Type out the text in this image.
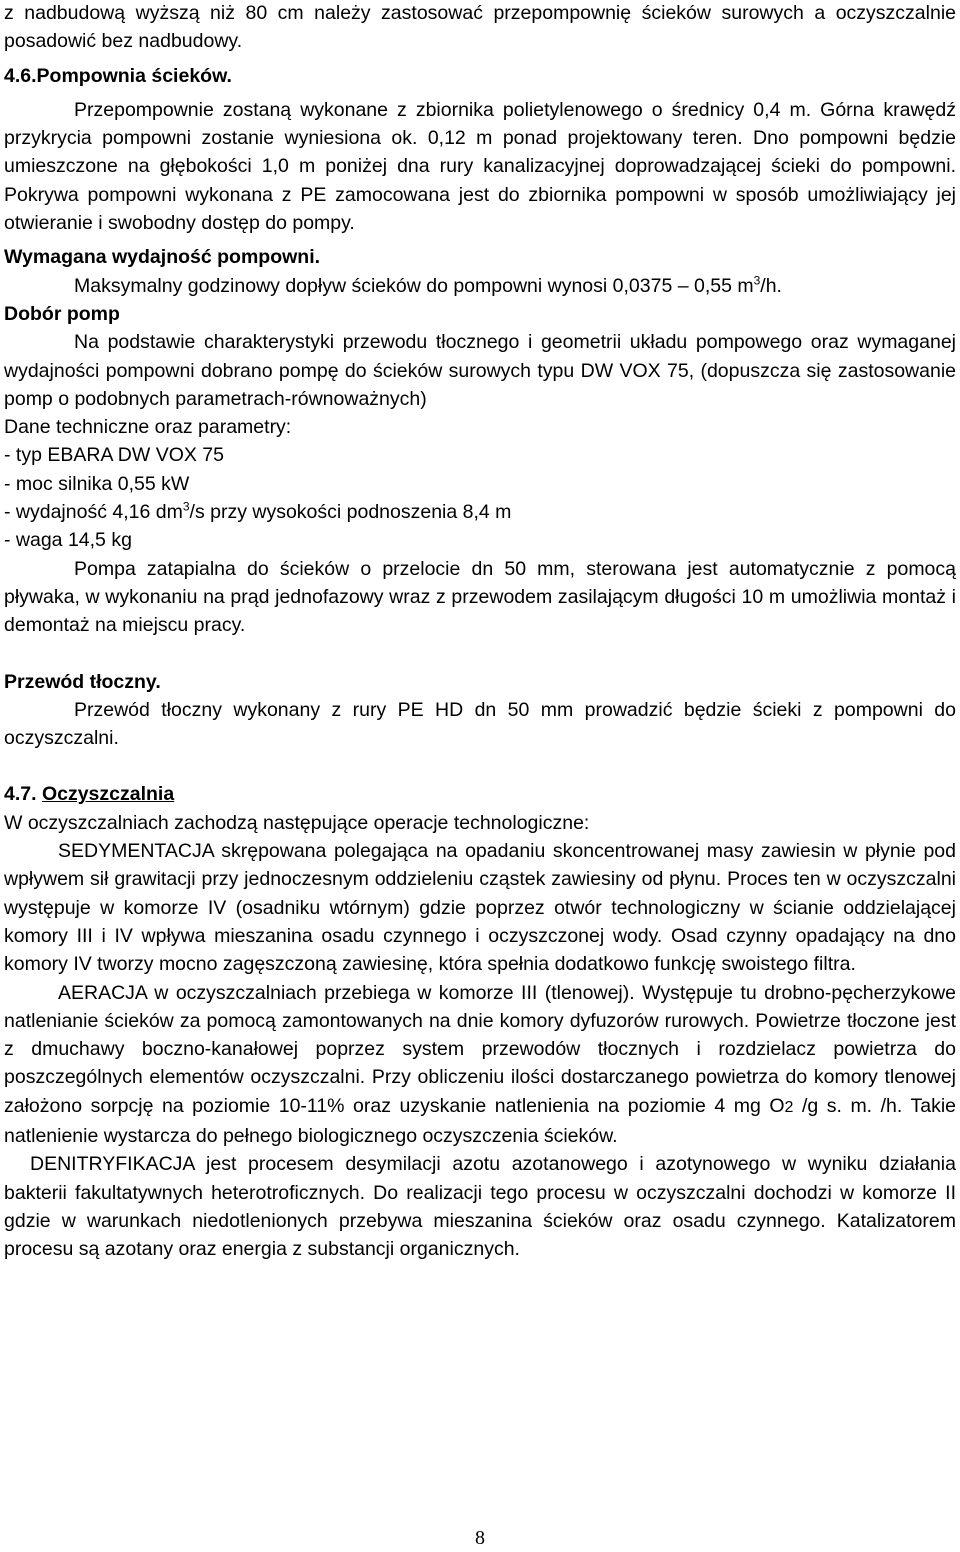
z nadbudową wyższą niż 80 cm należy zastosować przepompownię ścieków surowych a oczyszczalnie posadowić bez nadbudowy.

4.6.Pompownia ścieków.

Przepompownie zostaną wykonane z zbiornika polietylenowego o średnicy 0,4 m. Górna krawędź przykrycia pompowni zostanie wyniesiona ok. 0,12 m ponad projektowany teren. Dno pompowni będzie umieszczone na głębokości 1,0 m poniżej dna rury kanalizacyjnej doprowadzającej ścieki do pompowni. Pokrywa pompowni wykonana z PE zamocowana jest do zbiornika pompowni w sposób umożliwiający jej otwieranie i swobodny dostęp do pompy.

Wymagana wydajność pompowni.

Maksymalny godzinowy dopływ ścieków do pompowni wynosi 0,0375 – 0,55 $m^3/h$.

Dobór pomp

Na podstawie charakterystyki przewodu tłocznego i geometrii układu pompowego oraz wymaganej wydajności pompowni dobrano pompę do ścieków surowych typu DW VOX 75, (dopuszcza się zastosowanie pomp o podobnych parametrach-równoważnych)

Dane techniczne oraz parametry:

- typ EBARA DW VOX 75

- moc silnika 0,55 kW

- wydajność 4,16 $dm^3/s$ przy wysokości podnoszenia 8,4 m

- waga 14,5 kg

Pompa zatapialna do ścieków o przelocie dn 50 mm, sterowana jest automatycznie z pomocą pływaka, w wykonaniu na prąd jednofazowy wraz z przewodem zasilającym długości 10 m umożliwia montaż i demontaż na miejscu pracy.

Przewód tłoczny.

Przewód tłoczny wykonany z rury PE HD dn 50 mm prowadzić będzie ścieki z pompowni do oczyszczalni.

4.7. Oczyszczalnia

W oczyszczalniach zachodzą następujące operacje technologiczne:

SEDYMENTACJA skrępowana polegająca na opadaniu skoncentrowanej masy zawiesin w płynie pod wpływem sił grawitacji przy jednoczesnym oddzieleniu cząstek zawiesiny od płynu. Proces ten w oczyszczalni występuje w komorze IV (osadniku wtórnym) gdzie poprzez otwór technologiczny w ścianie oddzielającej komory III i IV wpływa mieszanina osadu czynnego i oczyszczonej wody. Osad czynny opadający na dno komory IV tworzy mocno zagęszczoną zawiesinę, która spełnia dodatkowo funkcję swoistego filtra.

AERACJA w oczyszczalniach przebiega w komorze III (tlenowej). Występuje tu drobno-pęcherzykowe natlenianie ścieków za pomocą zamontowanych na dnie komory dyfuzorów rurowych. Powietrze tłoczone jest z dmuchawy boczno-kanałowej poprzez system przewodów tłocznych i rozdzielacz powietrza do poszczególnych elementów oczyszczalni. Przy obliczeniu ilości dostarczanego powietrza do komory tlenowej założono sorpcję na poziomie 10-11% oraz uzyskanie natlenienia na poziomie 4 mg O2 /g s. m. /h. Takie natlenienie wystarcza do pełnego biologicznego oczyszczenia ścieków.

DENITRYFIKACJA jest procesem desymilacji azotu azotanowego i azotynowego w wyniku działania bakterii fakultatywnych heterotroficznych. Do realizacji tego procesu w oczyszczalni dochodzi w komorze II gdzie w warunkach niedotlenionych przebywa mieszanina ścieków oraz osadu czynnego. Katalizatorem procesu są azotany oraz energia z substancji organicznych.

8
